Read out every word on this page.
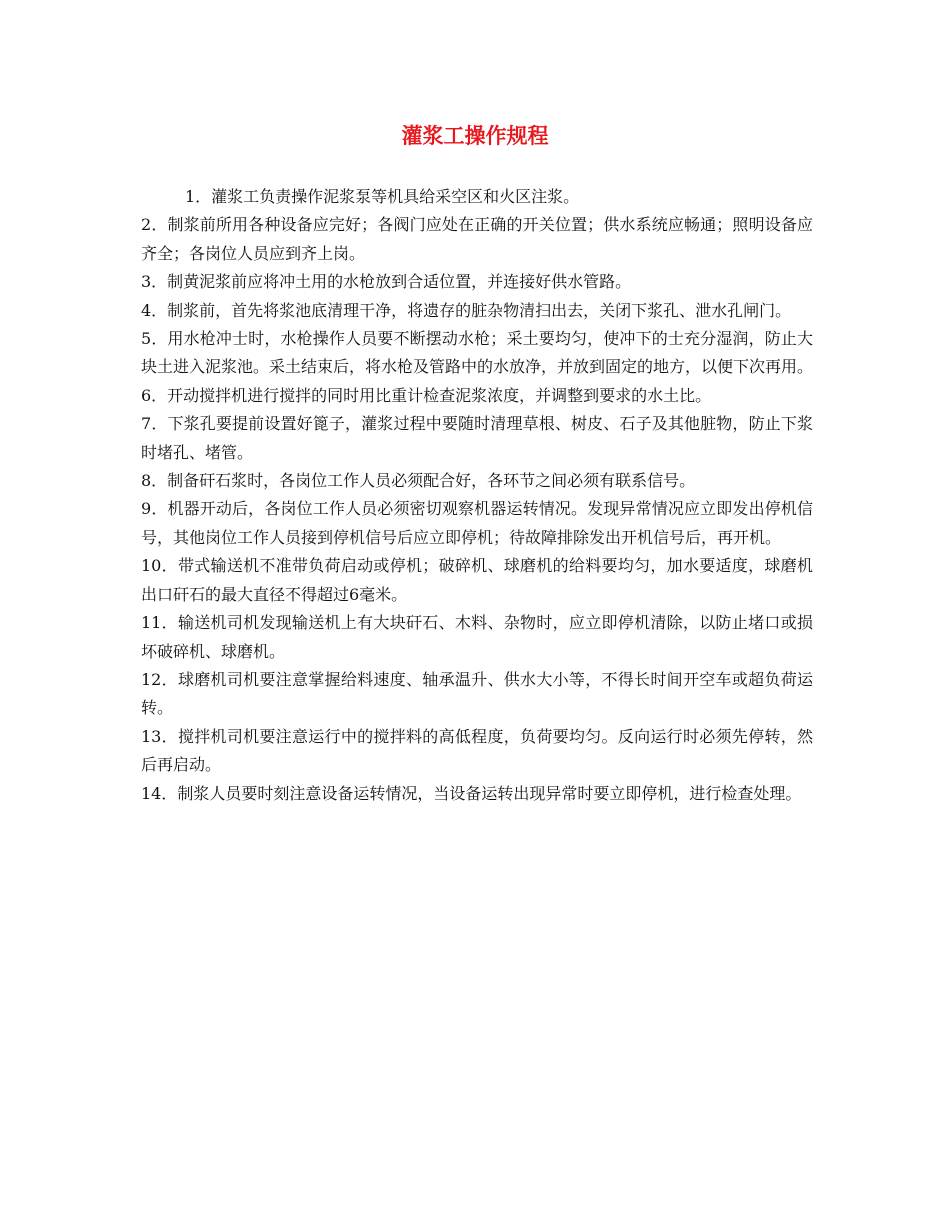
灌浆工操作规程

1．灌浆工负责操作泥浆泵等机具给采空区和火区注浆。

2．制浆前所用各种设备应完好；各阀门应处在正确的开关位置；供水系统应畅通；照明设备应齐全；各岗位人员应到齐上岗。

3．制黄泥浆前应将冲土用的水枪放到合适位置，并连接好供水管路。

4．制浆前，首先将浆池底清理干净，将遗存的脏杂物清扫出去，关闭下浆孔、泄水孔闸门。

5．用水枪冲士时，水枪操作人员要不断摆动水枪；采土要均匀，使冲下的士充分湿润，防止大块土进入泥浆池。采土结束后，将水枪及管路中的水放净，并放到固定的地方，以便下次再用。

6．开动搅拌机进行搅拌的同时用比重计检查泥浆浓度，并调整到要求的水土比。

7．下浆孔要提前设置好篦子，灌浆过程中要随时清理草根、树皮、石子及其他脏物，防止下浆时堵孔、堵管。

8．制备矸石浆时，各岗位工作人员必须配合好，各环节之间必须有联系信号。

9．机器开动后，各岗位工作人员必须密切观察机器运转情况。发现异常情况应立即发出停机信号，其他岗位工作人员接到停机信号后应立即停机；待故障排除发出开机信号后，再开机。

10．带式输送机不准带负荷启动或停机；破碎机、球磨机的给料要均匀，加水要适度，球磨机出口矸石的最大直径不得超过6毫米。

11．输送机司机发现输送机上有大块矸石、木料、杂物时，应立即停机清除，以防止堵口或损坏破碎机、球磨机。

12．球磨机司机要注意掌握给料速度、轴承温升、供水大小等，不得长时间开空车或超负荷运转。

13．搅拌机司机要注意运行中的搅拌料的高低程度，负荷要均匀。反向运行时必须先停转，然后再启动。

14．制浆人员要时刻注意设备运转情况，当设备运转出现异常时要立即停机，进行检查处理。
